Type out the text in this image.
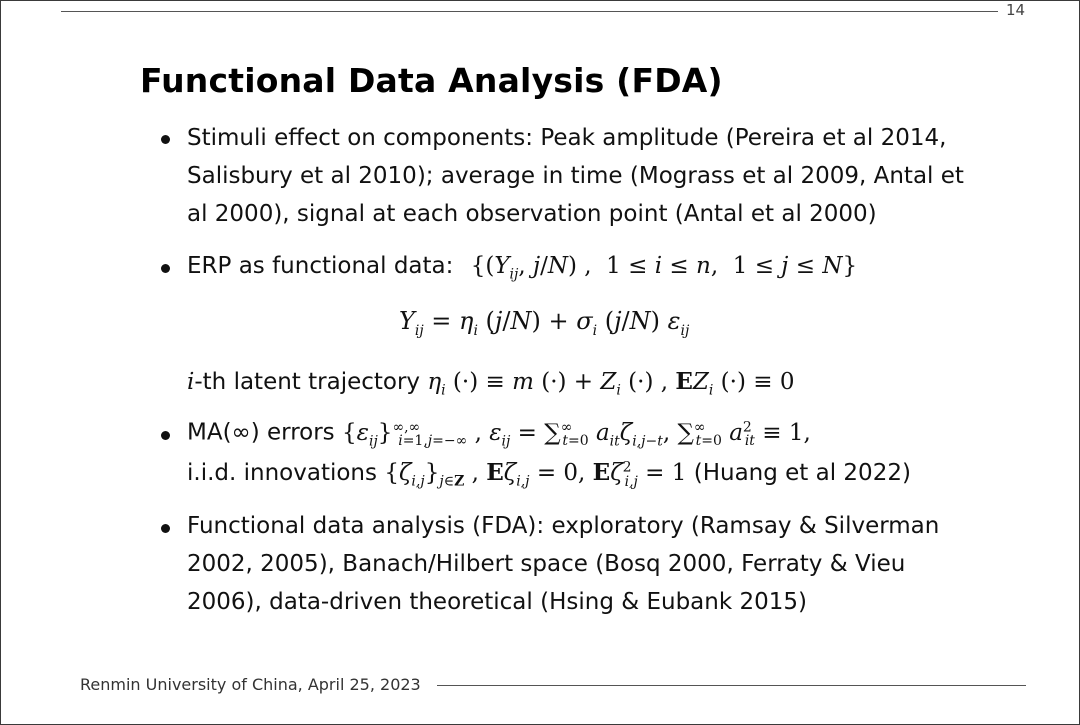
14
Functional Data Analysis (FDA)
Stimuli effect on components: Peak amplitude (Pereira et al 2014,
Salisbury et al 2010); average in time (Mograss et al 2009, Antal et
al 2000), signal at each observation point (Antal et al 2000)
ERP as functional data: {($Y_{ij}$, j/N) ,  1 ≤ i ≤ n,  1 ≤ j ≤ N}
$Y_{ij} = \eta_i$ $(j/N) + \sigma_i$ (j/N) $\varepsilon_{ij}$
i-th latent trajectory $\eta_i$ (·) ≡ m (·) + $Z_i$ (·) , $EZ_i$ (·) ≡ 0
MA(∞) errors $\{\varepsilon_{ij}\}^{\infty,\infty}_{i=1,j=-\infty}$ , $\varepsilon_{ij} = \sum^\infty_{t=0}$ $a_{it}\zeta_{i,j-t}$, $\sum^\infty_{t=0}$ $a^2_{it} \equiv 1$,
i.i.d. innovations $\{\zeta_{i,j}\}_{j\in Z}$ , $E\zeta_{i,j} = 0$, $E\zeta^2_{i,j} = 1$ (Huang et al 2022)
Functional data analysis (FDA): exploratory (Ramsay & Silverman
2002, 2005), Banach/Hilbert space (Bosq 2000, Ferraty & Vieu
2006), data-driven theoretical (Hsing & Eubank 2015)
Renmin University of China, April 25, 2023
